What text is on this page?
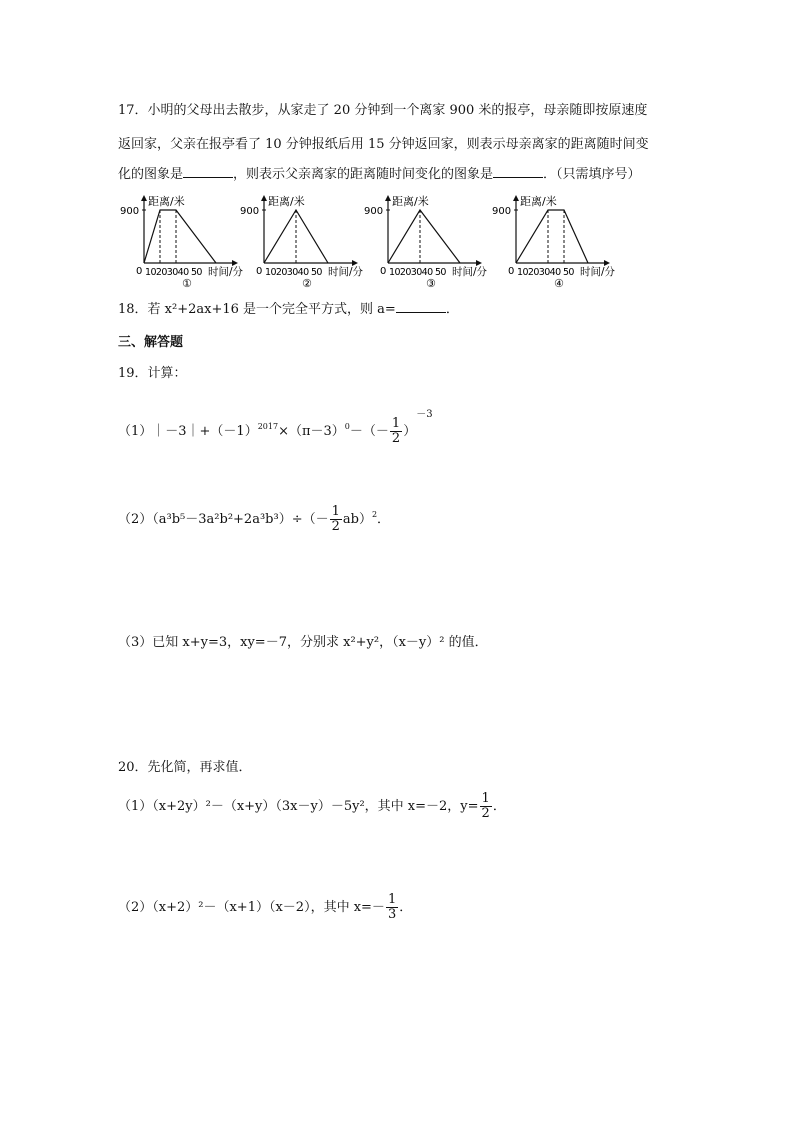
17．小明的父母出去散步，从家走了 20 分钟到一个离家 900 米的报亭，母亲随即按原速度
返回家，父亲在报亭看了 10 分钟报纸后用 15 分钟返回家，则表示母亲离家的距离随时间变
化的图象是	，则表示父亲离家的距离随时间变化的图象是	．（只需填序号）
距离/米
900
0 10203040 50 时间/分
①
距离/米
900
0 10203040 50 时间/分
②
距离/米
900
0 10203040 50 时间/分
③
距离/米
900
0 10203040 50 时间/分
④
18．若 x²+2ax+16 是一个完全平方式，则 a=	．
三、解答题
19．计算：
$(1)|-3|+(-1)^{2017}\times(\pi-3)^0-(- \frac{1}{2} )^{-3}$
$(2)(a^3b^5-3a^2b^2+2a^3b^3)\div(- \frac{1}{2} ab)^2$．
（3）已知 x+y=3，xy=－7，分别求 x²+y²，（x－y）² 的值．
20．先化简，再求值．
（1）（x+2y）²－（x+y）（3x－y）－5y²，其中 x=－2，$y= \frac{1}{2}$ ．
（2）（x+2）²－（x+1）（x－2），其中 $x=- \frac{1}{3}$ ．
